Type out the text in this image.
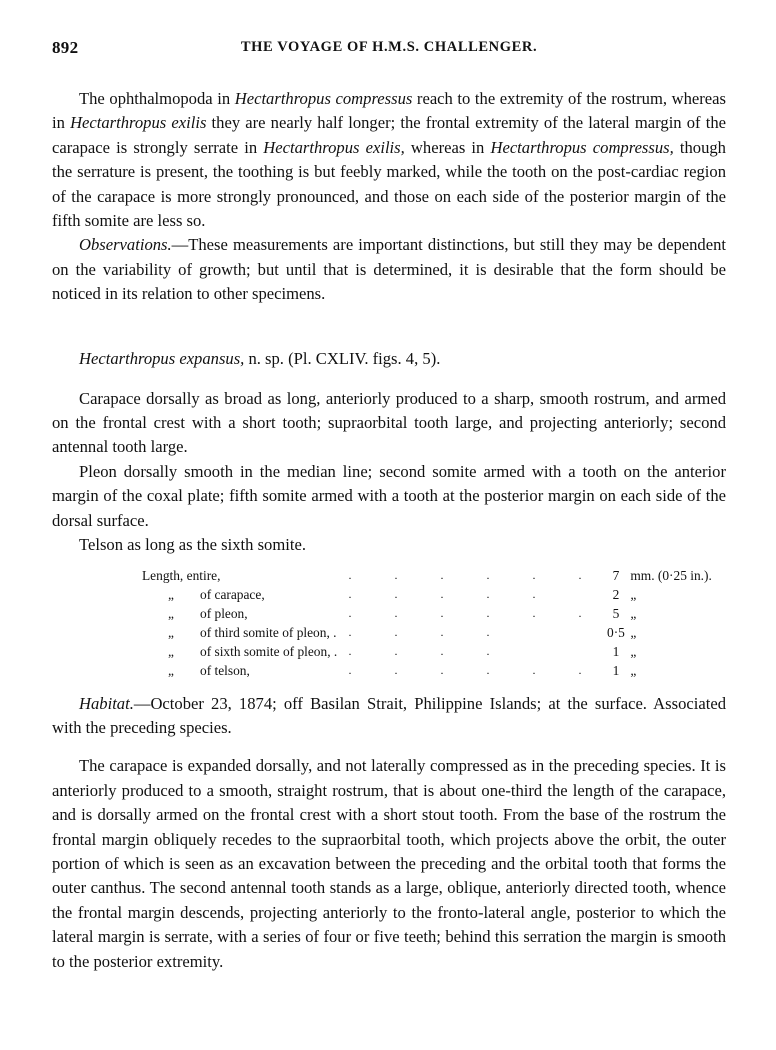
892	THE VOYAGE OF H.M.S. CHALLENGER.

The ophthalmopoda in Hectarthropus compressus reach to the extremity of the rostrum, whereas in Hectarthropus exilis they are nearly half longer; the frontal extremity of the lateral margin of the carapace is strongly serrate in Hectarthropus exilis, whereas in Hectarthropus compressus, though the serrature is present, the toothing is but feebly marked, while the tooth on the post-cardiac region of the carapace is more strongly pronounced, and those on each side of the posterior margin of the fifth somite are less so.

Observations.—These measurements are important distinctions, but still they may be dependent on the variability of growth; but until that is determined, it is desirable that the form should be noticed in its relation to other specimens.

Hectarthropus expansus, n. sp. (Pl. CXLIV. figs. 4, 5).

Carapace dorsally as broad as long, anteriorly produced to a sharp, smooth rostrum, and armed on the frontal crest with a short tooth; supraorbital tooth large, and projecting anteriorly; second antennal tooth large.

Pleon dorsally smooth in the median line; second somite armed with a tooth on the anterior margin of the coxal plate; fifth somite armed with a tooth at the posterior margin on each side of the dorsal surface.

Telson as long as the sixth somite.

Length, entire,		. . . . . .	7	mm. (0·25 in.).
„	of carapace,	. . . . .	2	„
„	of pleon,	. . . . . .	5	„
„	of third somite of pleon, .	. . . .	0·5	„
„	of sixth somite of pleon, .	. . . .	1	„
„	of telson,	. . . . . .	1	„

Habitat.—October 23, 1874; off Basilan Strait, Philippine Islands; at the surface. Associated with the preceding species.

The carapace is expanded dorsally, and not laterally compressed as in the preceding species. It is anteriorly produced to a smooth, straight rostrum, that is about one-third the length of the carapace, and is dorsally armed on the frontal crest with a short stout tooth. From the base of the rostrum the frontal margin obliquely recedes to the supraorbital tooth, which projects above the orbit, the outer portion of which is seen as an excavation between the preceding and the orbital tooth that forms the outer canthus. The second antennal tooth stands as a large, oblique, anteriorly directed tooth, whence the frontal margin descends, projecting anteriorly to the fronto-lateral angle, posterior to which the lateral margin is serrate, with a series of four or five teeth; behind this serration the margin is smooth to the posterior extremity.
